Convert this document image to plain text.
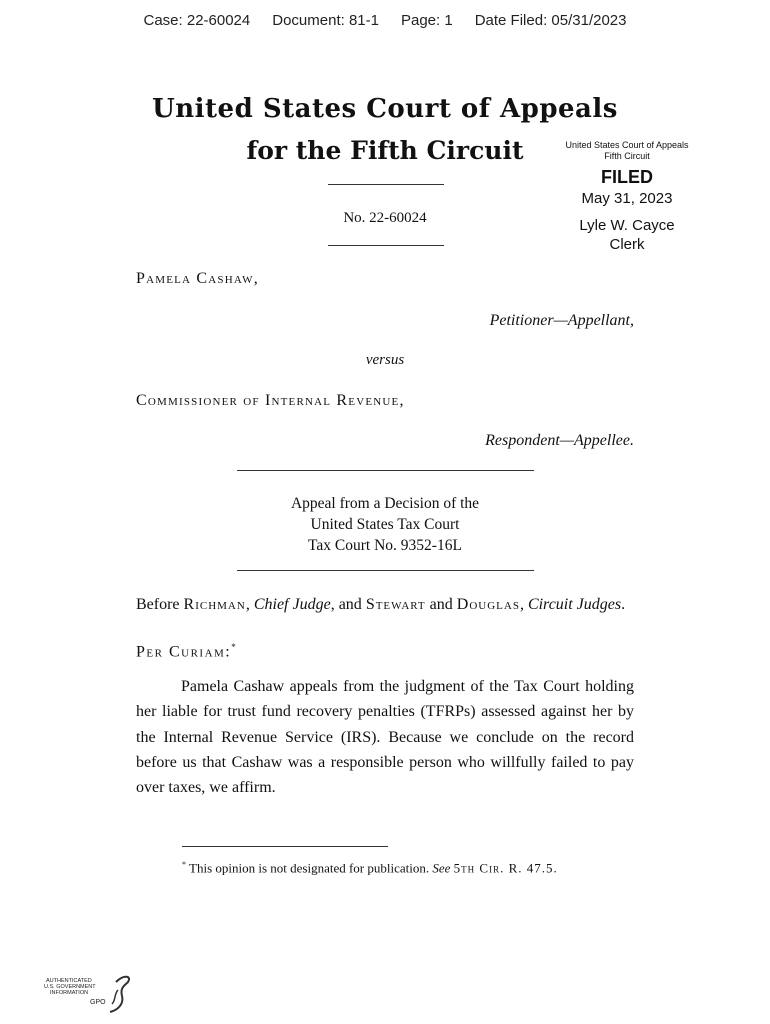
Case: 22-60024 Document: 81-1 Page: 1 Date Filed: 05/31/2023
United States Court of Appeals
for the Fifth Circuit	United States Court of Appeals
Fifth Circuit
FILED
May 31, 2023
Lyle W. Cayce
Clerk
No. 22-60024
Pamela Cashaw,
Petitioner—Appellant,
versus
Commissioner of Internal Revenue,
Respondent—Appellee.
Appeal from a Decision of the
United States Tax Court
Tax Court No. 9352-16L
Before Richman, Chief Judge, and Stewart and Douglas, Circuit Judges.
Per Curiam:*
Pamela Cashaw appeals from the judgment of the Tax Court holding her liable for trust fund recovery penalties (TFRPs) assessed against her by the Internal Revenue Service (IRS). Because we conclude on the record before us that Cashaw was a responsible person who willfully failed to pay over taxes, we affirm.
* This opinion is not designated for publication. See 5th Cir. R. 47.5.
AUTHENTICATED
U.S. GOVERNMENT
INFORMATION
GPO
